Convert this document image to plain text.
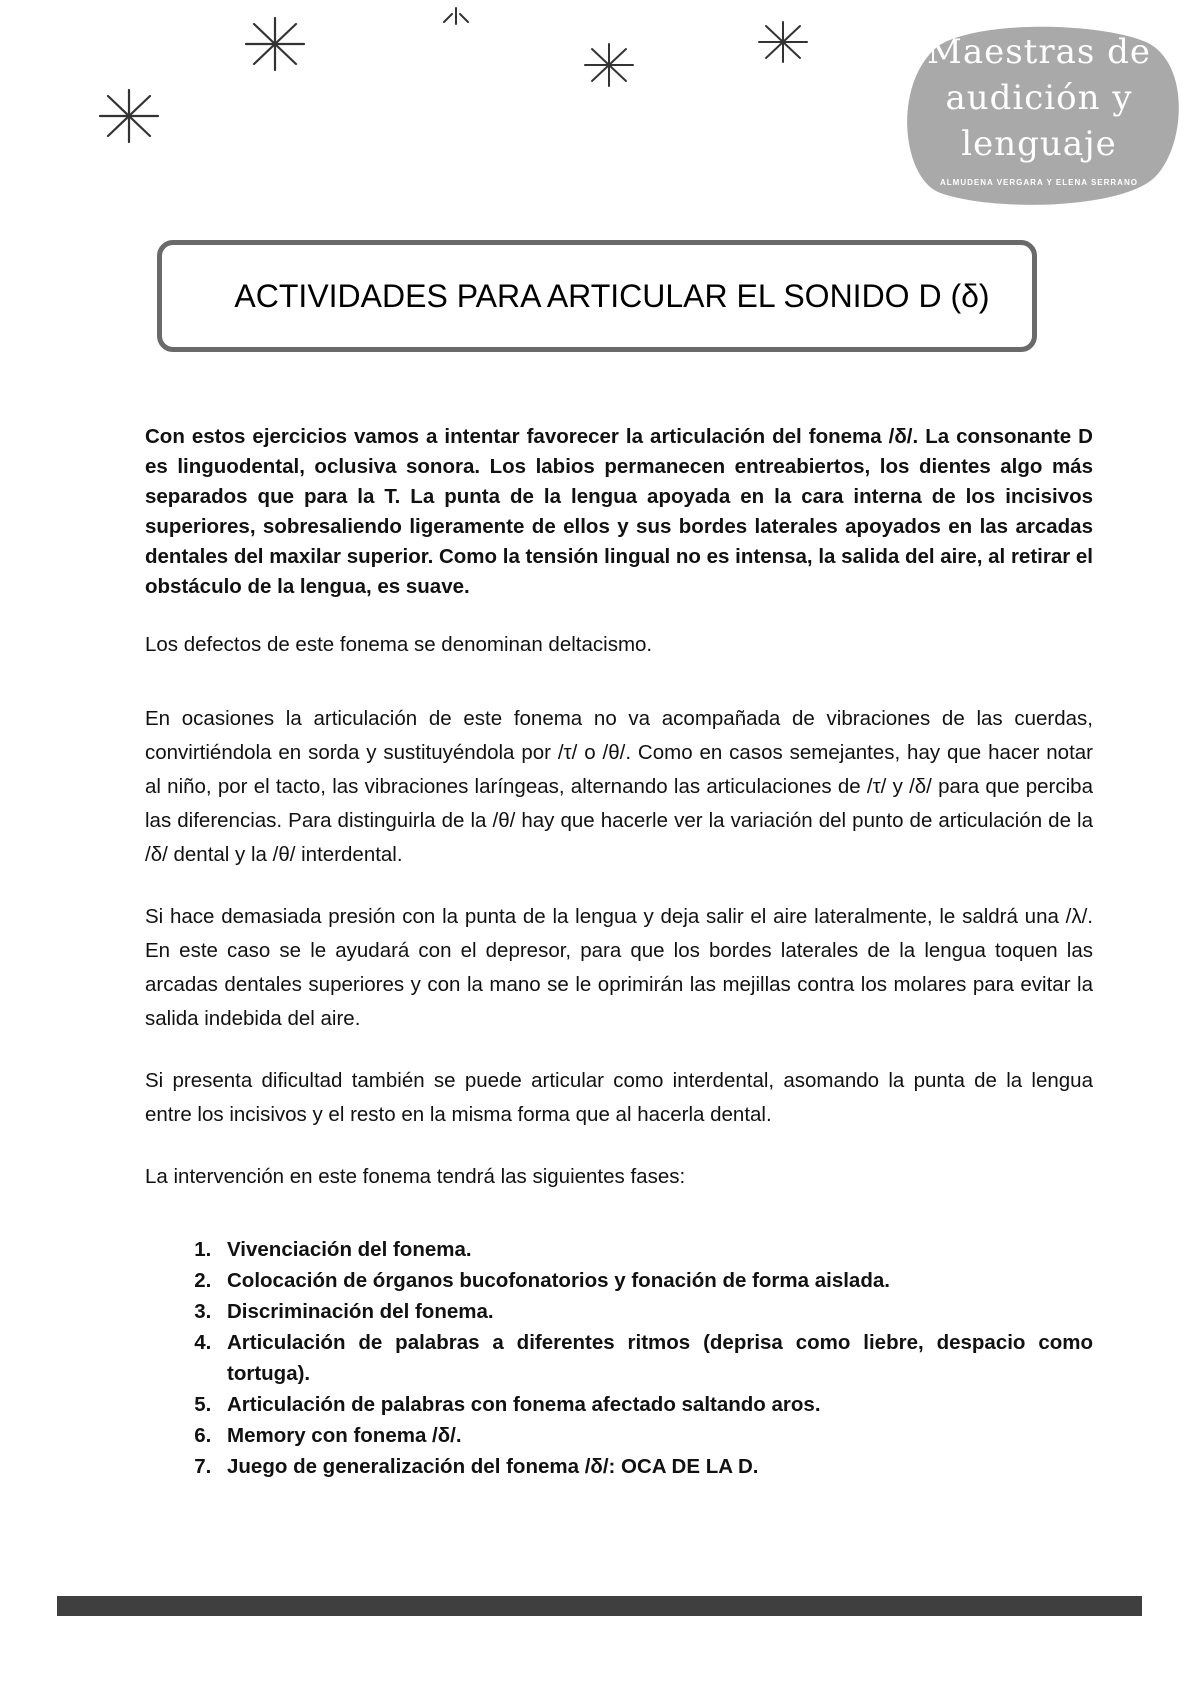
Maestras de
audición y
lenguaje
ALMUDENA VERGARA Y ELENA SERRANO
ACTIVIDADES PARA ARTICULAR EL SONIDO D (δ)

Con estos ejercicios vamos a intentar favorecer la articulación del fonema /δ/. La consonante D es linguodental, oclusiva sonora. Los labios permanecen entreabiertos, los dientes algo más separados que para la T. La punta de la lengua apoyada en la cara interna de los incisivos superiores, sobresaliendo ligeramente de ellos y sus bordes laterales apoyados en las arcadas dentales del maxilar superior. Como la tensión lingual no es intensa, la salida del aire, al retirar el obstáculo de la lengua, es suave.

Los defectos de este fonema se denominan deltacismo.

En ocasiones la articulación de este fonema no va acompañada de vibraciones de las cuerdas, convirtiéndola en sorda y sustituyéndola por /τ/ o /θ/. Como en casos semejantes, hay que hacer notar al niño, por el tacto, las vibraciones laríngeas, alternando las articulaciones de /τ/ y /δ/ para que perciba las diferencias. Para distinguirla de la /θ/ hay que hacerle ver la variación del punto de articulación de la /δ/ dental y la /θ/ interdental.

Si hace demasiada presión con la punta de la lengua y deja salir el aire lateralmente, le saldrá una /λ/. En este caso se le ayudará con el depresor, para que los bordes laterales de la lengua toquen las arcadas dentales superiores y con la mano se le oprimirán las mejillas contra los molares para evitar la salida indebida del aire.

Si presenta dificultad también se puede articular como interdental, asomando la punta de la lengua entre los incisivos y el resto en la misma forma que al hacerla dental.

La intervención en este fonema tendrá las siguientes fases:

1. Vivenciación del fonema.
2. Colocación de órganos bucofonatorios y fonación de forma aislada.
3. Discriminación del fonema.
4. Articulación de palabras a diferentes ritmos (deprisa como liebre, despacio como tortuga).
5. Articulación de palabras con fonema afectado saltando aros.
6. Memory con fonema /δ/.
7. Juego de generalización del fonema /δ/: OCA DE LA D.
